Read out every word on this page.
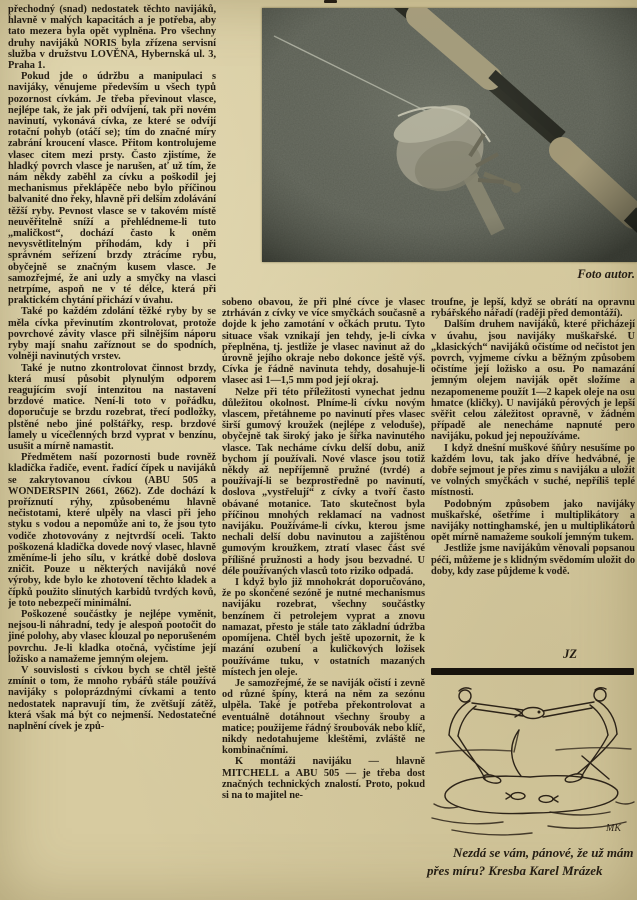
přechodný (snad) nedostatek těchto navijáků, hlavně v malých kapacitách a je potřeba, aby tato mezera byla opět vyplněna. Pro všechny druhy navijáků NORIS byla zřízena servisní služba v družstvu LOVĚNA, Hybernská ul. 3, Praha 1.

Pokud jde o údržbu a manipulaci s navijáky, věnujeme především u všech typů pozornost cívkám. Je třeba převinout vlasce, nejlépe tak, že jak při odvíjení, tak při novém navinutí, vykonává cívka, ze které se odvíjí rotační pohyb (otáčí se); tím do značné míry zabrání kroucení vlasce. Přitom kontrolujeme vlasec citem mezi prsty. Často zjistíme, že hladký povrch vlasce je narušen, ať už tím, že nám někdy zaběhl za cívku a poškodil jej mechanismus překlápěče nebo bylo příčinou balvanité dno řeky, hlavně při delším zdolávání těžší ryby. Pevnost vlasce se v takovém místě neuvěřitelně sníží a přehlédneme-li tuto „maličkost“, dochází často k oněm nevysvětlitelným příhodám, kdy i při správném seřízení brzdy ztrácíme rybu, obyčejně se značným kusem vlasce. Je samozřejmé, že ani uzly a smyčky na vlasci netrpíme, aspoň ne v té délce, která při praktickém chytání přichází v úvahu.

Také po každém zdolání těžké ryby by se měla cívka převinutím zkontrolovat, protože povrchové závity vlasce při silnějším náporu ryby mají snahu zaříznout se do spodních, volněji navinutých vrstev.

Také je nutno zkontrolovat činnost brzdy, která musí působit plynulým odporem reagujícím svojí intenzitou na nastavení brzdové matice. Není-li toto v pořádku, doporučuje se brzdu rozebrat, třecí podložky, plstěné nebo jiné polštářky, resp. brzdové lamely u vícečlenných brzd vyprat v benzínu, usušit a mírně namastit.

Předmětem naší pozornosti bude rovněž kladička řadiče, event. řadící čípek u navijáků se zakrytovanou cívkou (ABU 505 a WONDERSPIN 2661, 2662). Zde dochází k proříznutí rýhy, způsobenému hlavně nečistotami, které ulpěly na vlasci při jeho styku s vodou a nepomůže ani to, že jsou tyto vodiče zhotovovány z nejtvrdší oceli. Takto poškozená kladička dovede nový vlasec, hlavně změníme-li jeho sílu, v krátké době doslova zničit. Pouze u některých navijáků nové výroby, kde bylo ke zhotovení těchto kladek a čípků použito slinutých karbidů tvrdých kovů, je toto nebezpečí minimální.

Poškozené součástky je nejlépe vyměnit, nejsou-li náhradní, tedy je alespoň pootočit do jiné polohy, aby vlasec klouzal po neporušeném povrchu. Je-li kladka otočná, vyčistíme její ložisko a namažeme jemným olejem.

V souvislosti s cívkou bych se chtěl ještě zmínit o tom, že mnoho rybářů stále používá navijáky s poloprázdnými cívkami a tento nedostatek napravují tím, že zvětšují zátěž, která však má být co nejmenší. Nedostatečné naplnění cívek je způ-

Foto autor.

sobeno obavou, že při plné cívce je vlasec ztrháván z cívky ve více smyčkách současně a dojde k jeho zamotání v očkách prutu. Tyto situace však vznikají jen tehdy, je-li cívka přeplněna, tj. jestliže je vlasec navinut až do úrovně jejího okraje nebo dokonce ještě výš. Cívka je řádně navinuta tehdy, dosahuje-li vlasec asi 1—1,5 mm pod její okraj.

Nelze při této příležitosti vynechat jednu důležitou okolnost. Plníme-li cívku novým vlascem, přetáhneme po navinutí přes vlasec širší gumový kroužek (nejlépe z veloduše), obyčejně tak široký jako je šířka navinutého vlasce. Tak necháme cívku delší dobu, aniž bychom jí používali. Nové vlasce jsou totiž někdy až nepříjemně pružné (tvrdé) a používají-li se bezprostředně po navinutí, doslova „vystřelují“ z cívky a tvoří často obávané motanice. Tato skutečnost byla příčinou mnohých reklamací na vadnost navijáku. Používáme-li cívku, kterou jsme nechali delší dobu navinutou a zajištěnou gumovým kroužkem, ztratí vlasec část své přílišné pružnosti a hody jsou bezvadné. U déle používaných vlasců toto riziko odpadá.

I když bylo již mnohokrát doporučováno, že po skončené sezóně je nutné mechanismus navijáku rozebrat, všechny součástky benzínem či petrolejem vyprat a znovu namazat, přesto je stále tato základní údržba opomíjena. Chtěl bych ještě upozornit, že k mazání ozubení a kuličkových ložisek používáme tuku, v ostatních mazaných místech jen oleje.

Je samozřejmé, že se naviják očistí i zevně od různé špíny, která na něm za sezónu ulpěla. Také je potřeba překontrolovat a eventuálně dotáhnout všechny šrouby a matice; použijeme řádný šroubovák nebo klíč, nikdy nedotahujeme kleštěmi, zvláště ne kombinačními.

K montáži navijáku — hlavně MITCHELL a ABU 505 — je třeba dost značných technických znalostí. Proto, pokud si na to majitel ne-

troufne, je lepší, když se obrátí na opravnu rybářského nářadí (raději před demontáží).

Dalším druhem navijáků, které přicházejí v úvahu, jsou navijáky muškařské. U „klasických“ navijáků očistíme od nečistot jen povrch, vyjmeme cívku a běžným způsobem očistíme její ložisko a osu. Po namazání jemným olejem naviják opět složíme a nezapomeneme použít 1—2 kapek oleje na osu hmatce (kličky). U navijáků pérových je lepší svěřit celou záležitost opravně, v žádném případě ale nenecháme napnuté pero navijáku, pokud jej nepoužíváme.

I když dnešní muškové šňůry nesušíme po každém lovu, tak jako dříve hedvábné, je dobře sejmout je přes zimu s navijáku a uložit ve volných smyčkách v suché, nepříliš teplé místnosti.

Podobným způsobem jako navijáky muškařské, ošetříme i multiplikátory a navijáky nottinghamské, jen u multiplikátorů opět mírně namažeme soukolí jemným tukem.

Jestliže jsme navijákům věnovali popsanou péči, můžeme je s klidným svědomím uložit do doby, kdy zase půjdeme k vodě.

JZ
MK
Nezdá se vám, pánové, že už mám
přes míru? Kresba Karel Mrázek
